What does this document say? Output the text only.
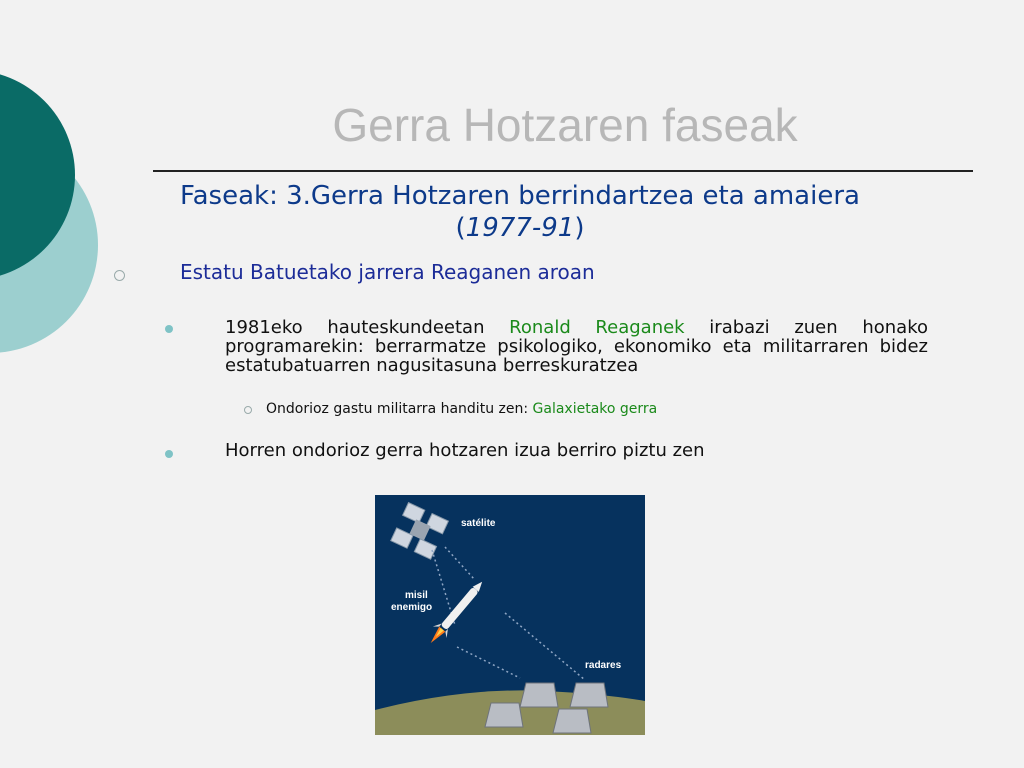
Gerra Hotzaren faseak
Faseak: 3.Gerra Hotzaren berrindartzea eta amaiera
(1977-91)
Estatu Batuetako jarrera Reaganen aroan
1981eko hauteskundeetan Ronald Reaganek irabazi zuen honako programarekin: berrarmatze psikologiko, ekonomiko eta militarraren bidez estatubatuarren nagusitasuna berreskuratzea
Ondorioz gastu militarra handitu zen: Galaxietako gerra
Horren ondorioz gerra hotzaren izua berriro piztu zen
satélite
misil
enemigo
radares
